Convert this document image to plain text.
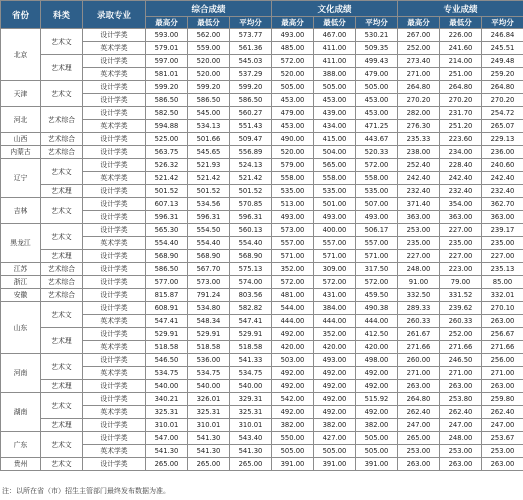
省份	科类	录取专业	综合成绩			文化成绩			专业成绩		
			最高分	最低分	平均分	最高分	最低分	平均分	最高分	最低分	平均分
北京	艺术文	设计学类	593.00	562.00	573.77	493.00	467.00	530.21	267.00	226.00	246.84
		英术学类	579.01	559.00	561.36	485.00	411.00	509.35	252.00	241.60	245.51
	艺术理	设计学类	597.00	520.00	545.03	572.00	411.00	499.43	273.40	214.00	249.48
		英术学类	581.01	520.00	537.29	520.00	388.00	479.00	271.00	251.00	259.20
天津	艺术文	设计学类	599.20	599.20	599.20	505.00	505.00	505.00	264.80	264.80	264.80
		设计学类	586.50	586.50	586.50	453.00	453.00	453.00	270.20	270.20	270.20
河北	艺术综合	设计学类	582.50	545.00	560.27	479.00	439.00	453.00	282.00	231.70	254.72
		英术学类	594.88	534.13	551.43	453.00	434.00	471.25	276.30	251.20	265.07
山西	艺术综合	设计学类	525.00	501.66	509.47	490.00	415.00	443.67	235.33	223.60	229.13
内蒙古	艺术综合	设计学类	563.75	545.65	556.89	520.00	504.00	520.33	238.00	234.00	236.00
辽宁	艺术文	设计学类	526.32	521.93	524.13	579.00	565.00	572.00	252.40	228.40	240.60
		英术学类	521.42	521.42	521.42	558.00	558.00	558.00	242.40	242.40	242.40
	艺术理	设计学类	501.52	501.52	501.52	535.00	535.00	535.00	232.40	232.40	232.40
吉林	艺术文	设计学类	607.13	534.56	570.85	513.00	501.00	507.00	371.40	354.00	362.70
		设计学类	596.31	596.31	596.31	493.00	493.00	493.00	363.00	363.00	363.00
黑龙江	艺术文	设计学类	565.30	554.50	560.13	573.00	400.00	506.17	253.00	227.00	239.17
		英术学类	554.40	554.40	554.40	557.00	557.00	557.00	235.00	235.00	235.00
	艺术理	设计学类	568.90	568.90	568.90	571.00	571.00	571.00	227.00	227.00	227.00
江苏	艺术综合	设计学类	586.50	567.70	575.13	352.00	309.00	317.50	248.00	223.00	235.13
浙江	艺术综合	设计学类	577.00	573.00	574.00	572.00	572.00	572.00	91.00	79.00	85.00
安徽	艺术综合	设计学类	815.87	791.24	803.56	481.00	431.00	459.50	332.50	331.52	332.01
山东	艺术文	设计学类	608.91	534.80	582.82	544.00	384.00	490.38	289.33	239.62	270.10
		英术学类	547.41	548.34	547.41	444.00	444.00	444.00	260.33	260.33	263.00
	艺术理	设计学类	529.91	529.91	529.91	492.00	352.00	412.50	261.67	252.00	256.67
		英术学类	518.58	518.58	518.58	420.00	420.00	420.00	271.66	271.66	271.66
河南	艺术文	设计学类	546.50	536.00	541.33	503.00	493.00	498.00	260.00	246.50	256.00
		英术学类	534.75	534.75	534.75	492.00	492.00	492.00	271.00	271.00	271.00
	艺术理	设计学类	540.00	540.00	540.00	492.00	492.00	492.00	263.00	263.00	263.00
湖南	艺术文	设计学类	340.21	326.01	329.31	542.00	492.00	515.92	264.80	253.80	259.80
		英术学类	325.31	325.31	325.31	492.00	492.00	492.00	262.40	262.40	262.40
	艺术理	设计学类	310.01	310.01	310.01	382.00	382.00	382.00	247.00	247.00	247.00
广东	艺术文	设计学类	547.00	541.30	543.40	550.00	427.00	505.00	265.00	248.00	253.67
		英术学类	541.30	541.30	541.30	505.00	505.00	505.00	253.00	253.00	253.00
贵州	艺术文	设计学类	265.00	265.00	265.00	391.00	391.00	391.00	263.00	263.00	263.00
注：以所在省（市）招生主管部门最终发布数据为准。
